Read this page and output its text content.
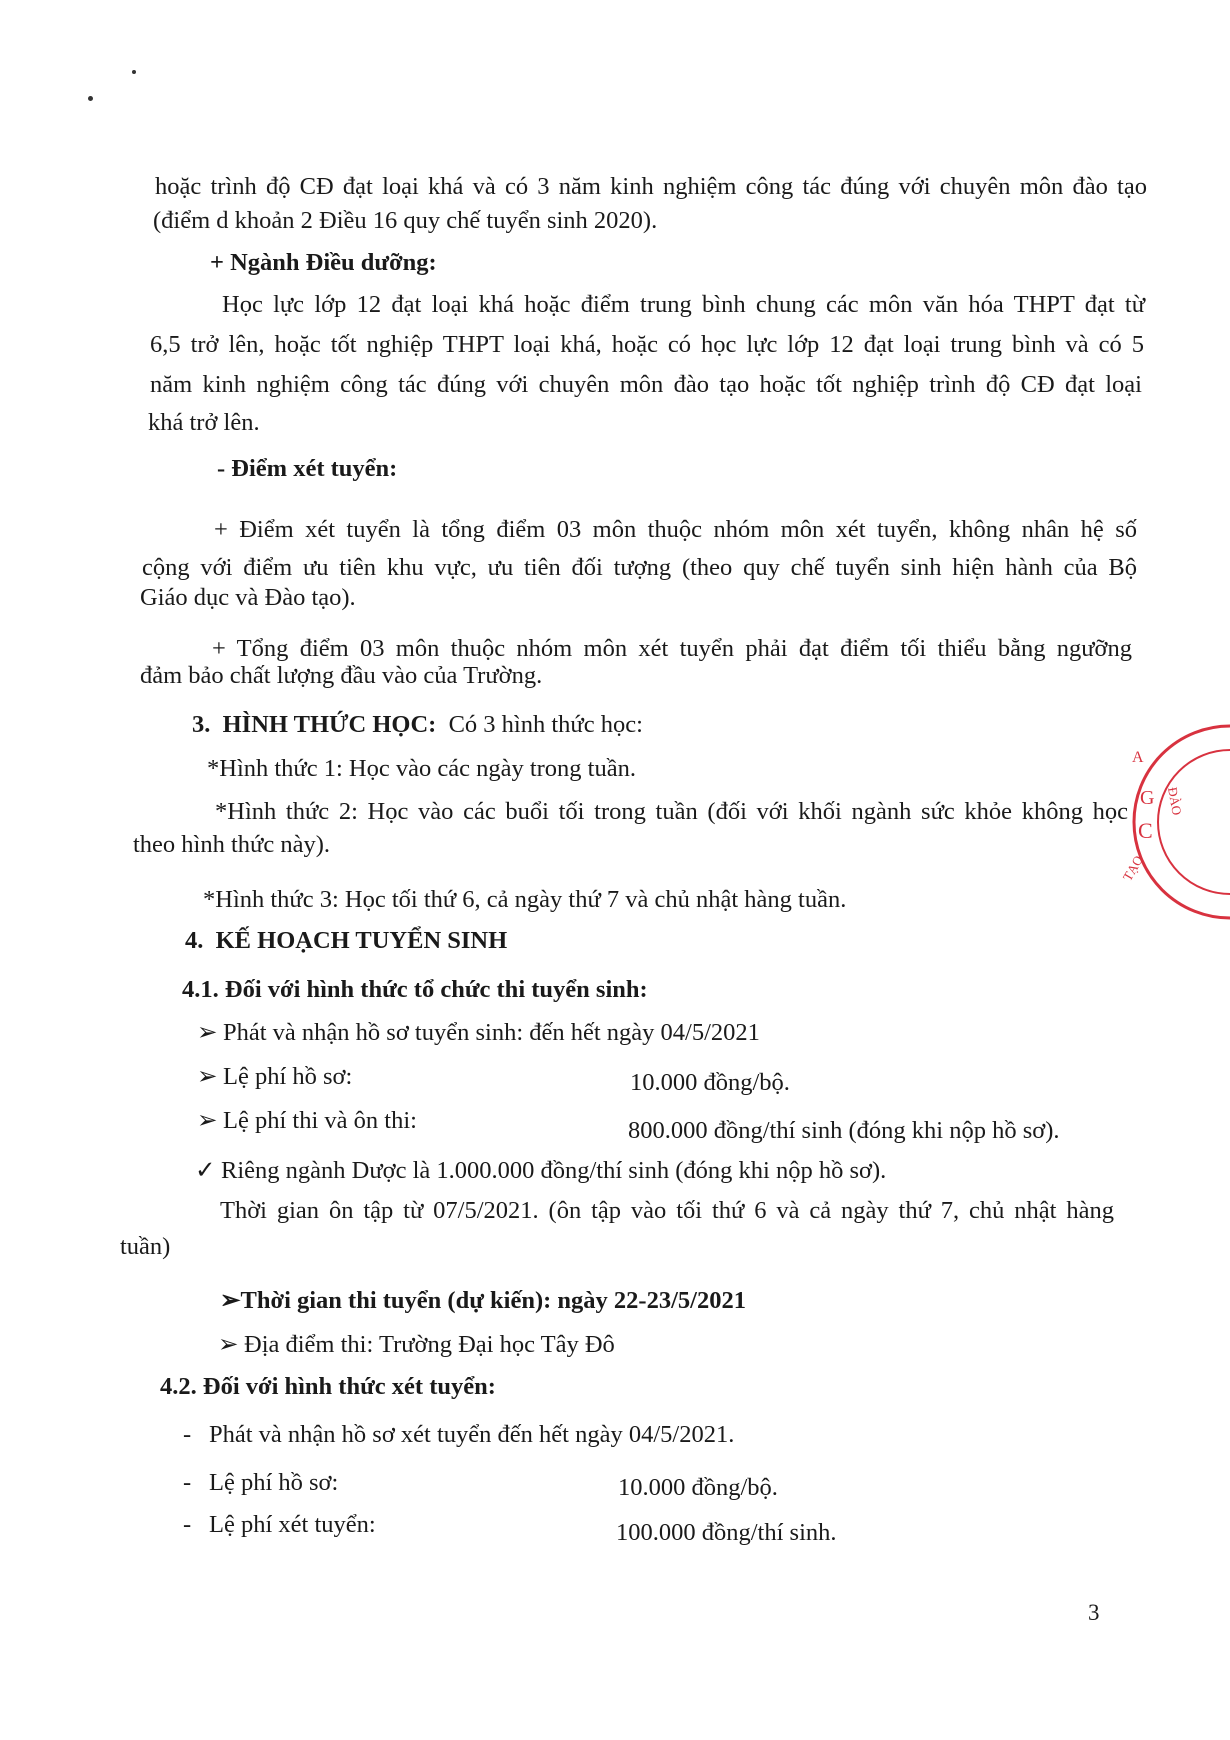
hoặc trình độ CĐ đạt loại khá và có 3 năm kinh nghiệm công tác đúng với chuyên môn đào tạo
(điểm d khoản 2 Điều 16 quy chế tuyển sinh 2020).
+ Ngành Điều dưỡng:
Học lực lớp 12 đạt loại khá hoặc điểm trung bình chung các môn văn hóa THPT đạt từ
6,5 trở lên, hoặc tốt nghiệp THPT loại khá, hoặc có học lực lớp 12 đạt loại trung bình và có 5
năm kinh nghiệm công tác đúng với chuyên môn đào tạo hoặc tốt nghiệp trình độ CĐ đạt loại
khá trở lên.
- Điểm xét tuyển:
+ Điểm xét tuyển là tổng điểm 03 môn thuộc nhóm môn xét tuyển, không nhân hệ số
cộng với điểm ưu tiên khu vực, ưu tiên đối tượng (theo quy chế tuyển sinh hiện hành của Bộ
Giáo dục và Đào tạo).
+ Tổng điểm 03 môn thuộc nhóm môn xét tuyển phải đạt điểm tối thiểu bằng ngưỡng
đảm bảo chất lượng đầu vào của Trường.
3. HÌNH THỨC HỌC: Có 3 hình thức học:
*Hình thức 1: Học vào các ngày trong tuần.
*Hình thức 2: Học vào các buổi tối trong tuần (đối với khối ngành sức khỏe không học
theo hình thức này).
*Hình thức 3: Học tối thứ 6, cả ngày thứ 7 và chủ nhật hàng tuần.
4. KẾ HOẠCH TUYỂN SINH
4.1. Đối với hình thức tổ chức thi tuyển sinh:
➢ Phát và nhận hồ sơ tuyển sinh: đến hết ngày 04/5/2021
➢ Lệ phí hồ sơ:	10.000 đồng/bộ.
➢ Lệ phí thi và ôn thi:	800.000 đồng/thí sinh (đóng khi nộp hồ sơ).
✓ Riêng ngành Dược là 1.000.000 đồng/thí sinh (đóng khi nộp hồ sơ).
Thời gian ôn tập từ 07/5/2021. (ôn tập vào tối thứ 6 và cả ngày thứ 7, chủ nhật hàng
tuần)
➢Thời gian thi tuyển (dự kiến): ngày 22-23/5/2021
➢ Địa điểm thi: Trường Đại học Tây Đô
4.2. Đối với hình thức xét tuyển:
- Phát và nhận hồ sơ xét tuyển đến hết ngày 04/5/2021.
- Lệ phí hồ sơ:	10.000 đồng/bộ.
- Lệ phí xét tuyển:	100.000 đồng/thí sinh.
3
A
G
C
ĐÀO
TẠO
